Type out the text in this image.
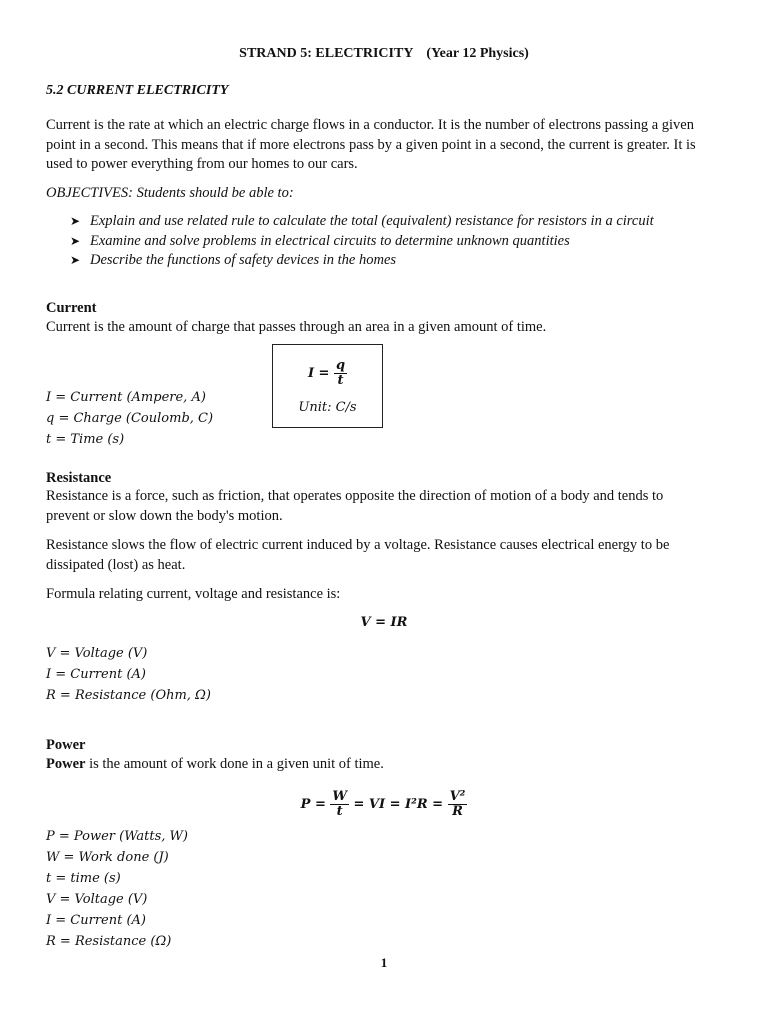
STRAND 5: ELECTRICITY (Year 12 Physics)
5.2 CURRENT ELECTRICITY
Current is the rate at which an electric charge flows in a conductor. It is the number of electrons passing a given
point in a second. This means that if more electrons pass by a given point in a second, the current is greater. It is
used to power everything from our homes to our cars.
OBJECTIVES: Students should be able to:
➤ Explain and use related rule to calculate the total (equivalent) resistance for resistors in a circuit
➤ Examine and solve problems in electrical circuits to determine unknown quantities
➤ Describe the functions of safety devices in the homes
Current
Current is the amount of charge that passes through an area in a given amount of time.
$I = \frac{q}{t}$
Unit: C/s
I = Current (Ampere, A)
q = Charge (Coulomb, C)
t = Time (s)
Resistance
Resistance is a force, such as friction, that operates opposite the direction of motion of a body and tends to
prevent or slow down the body's motion.
Resistance slows the flow of electric current induced by a voltage. Resistance causes electrical energy to be
dissipated (lost) as heat.
Formula relating current, voltage and resistance is:
V = IR
V = Voltage (V)
I = Current (A)
R = Resistance (Ohm, Ω)
Power
Power is the amount of work done in a given unit of time.
$P = \frac{W}{t}$ = VI = $I^2R = \frac{\text{V²}}{R}$
P = Power (Watts, W)
W = Work done (J)
t = time (s)
V = Voltage (V)
I = Current (A)
R = Resistance (Ω)
1
